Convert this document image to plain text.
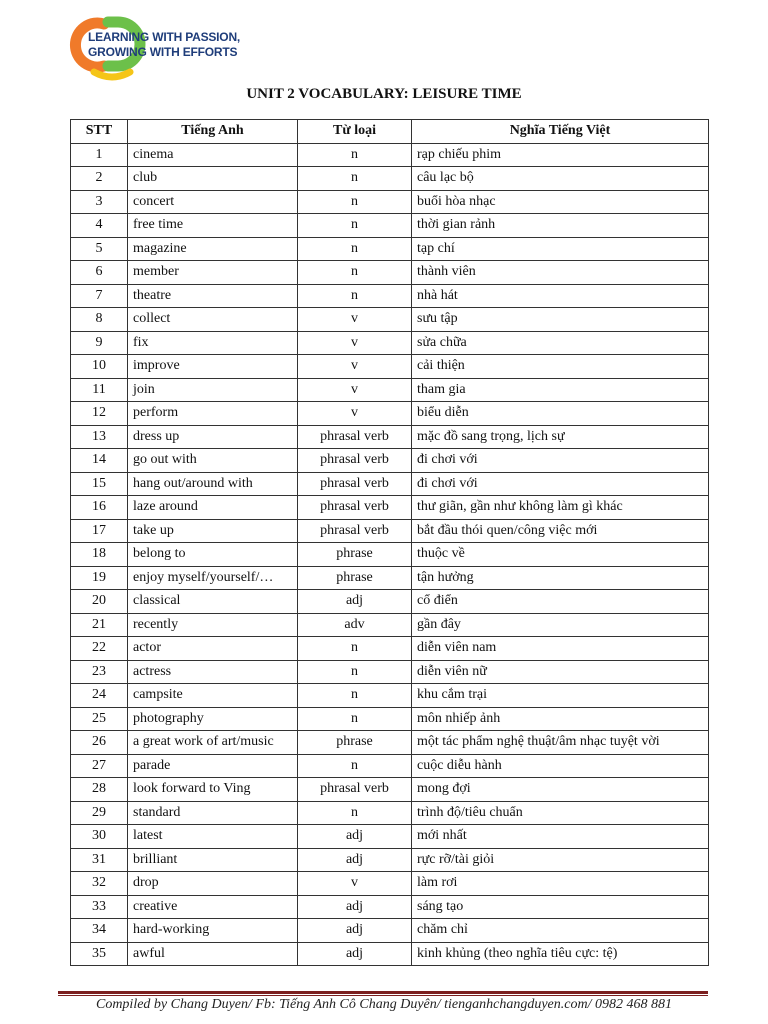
LEARNING WITH PASSION,
GROWING WITH EFFORTS
UNIT 2 VOCABULARY: LEISURE TIME
STT	Tiếng Anh	Từ loại	Nghĩa Tiếng Việt
1	cinema	n	rạp chiếu phim
2	club	n	câu lạc bộ
3	concert	n	buổi hòa nhạc
4	free time	n	thời gian rảnh
5	magazine	n	tạp chí
6	member	n	thành viên
7	theatre	n	nhà hát
8	collect	v	sưu tập
9	fix	v	sửa chữa
10	improve	v	cải thiện
11	join	v	tham gia
12	perform	v	biểu diễn
13	dress up	phrasal verb	mặc đồ sang trọng, lịch sự
14	go out with	phrasal verb	đi chơi với
15	hang out/around with	phrasal verb	đi chơi với
16	laze around	phrasal verb	thư giãn, gần như không làm gì khác
17	take up	phrasal verb	bắt đầu thói quen/công việc mới
18	belong to	phrase	thuộc về
19	enjoy myself/yourself/…	phrase	tận hưởng
20	classical	adj	cổ điển
21	recently	adv	gần đây
22	actor	n	diễn viên nam
23	actress	n	diễn viên nữ
24	campsite	n	khu cắm trại
25	photography	n	môn nhiếp ảnh
26	a great work of art/music	phrase	một tác phẩm nghệ thuật/âm nhạc tuyệt vời
27	parade	n	cuộc diễu hành
28	look forward to Ving	phrasal verb	mong đợi
29	standard	n	trình độ/tiêu chuẩn
30	latest	adj	mới nhất
31	brilliant	adj	rực rỡ/tài giỏi
32	drop	v	làm rơi
33	creative	adj	sáng tạo
34	hard-working	adj	chăm chỉ
35	awful	adj	kinh khủng (theo nghĩa tiêu cực: tệ)
Compiled by Chang Duyen/ Fb: Tiếng Anh Cô Chang Duyên/ tienganhchangduyen.com/ 0982 468 881
